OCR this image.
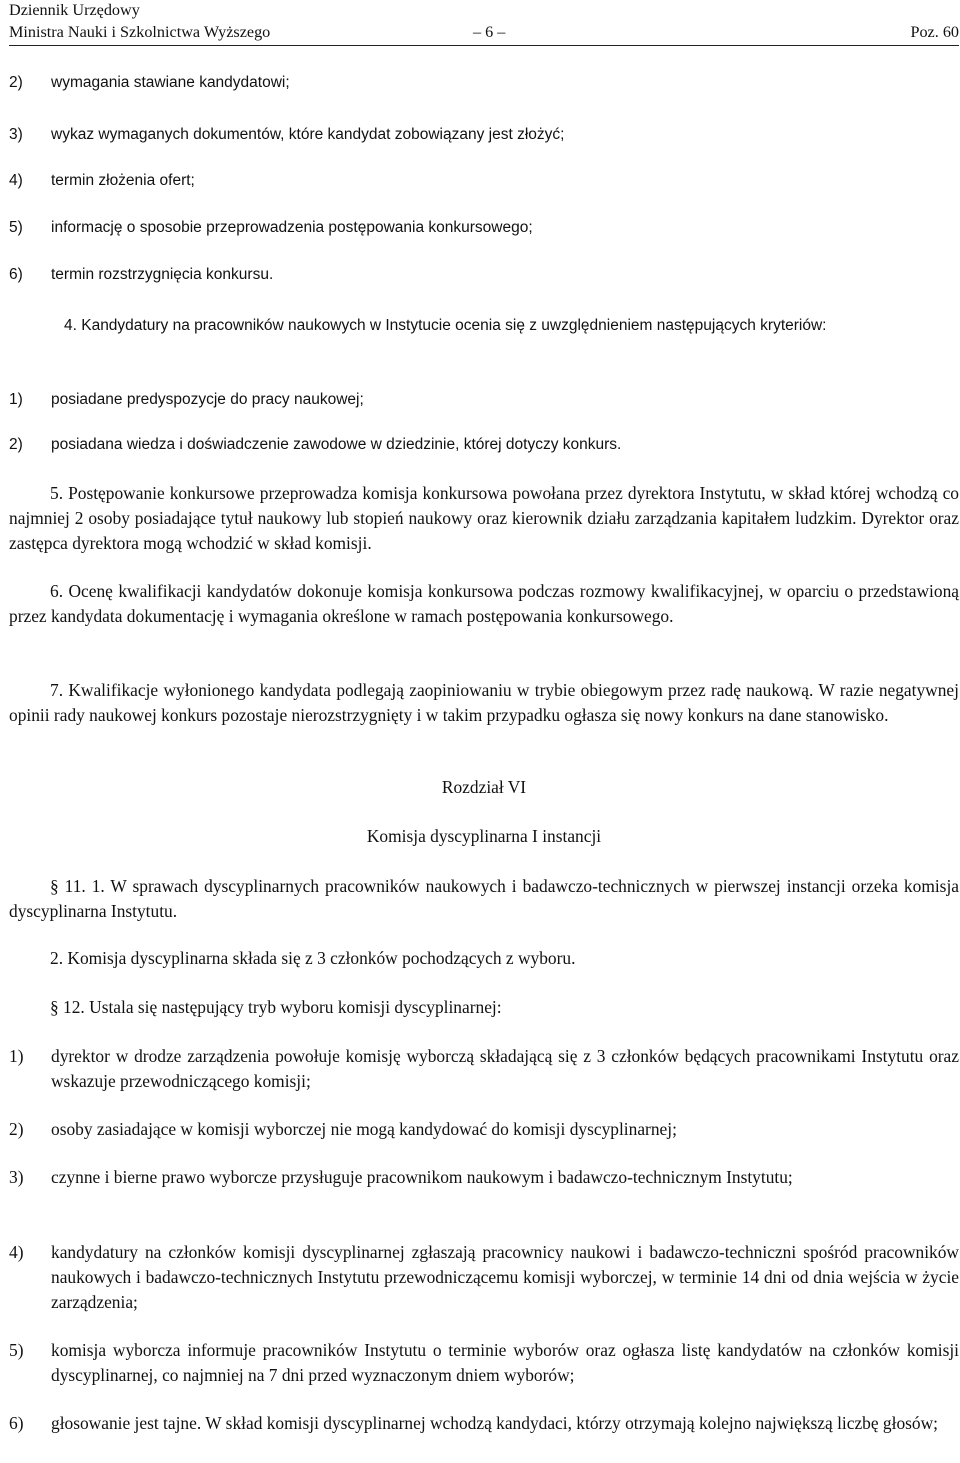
Dziennik Urzędowy
Ministra Nauki i Szkolnictwa Wyższego	– 6 –	Poz. 60
2) wymagania stawiane kandydatowi;
3) wykaz wymaganych dokumentów, które kandydat zobowiązany jest złożyć;
4) termin złożenia ofert;
5) informację o sposobie przeprowadzenia postępowania konkursowego;
6) termin rozstrzygnięcia konkursu.
4. Kandydatury na pracowników naukowych w Instytucie ocenia się z uwzględnieniem następujących kryteriów:
1) posiadane predyspozycje do pracy naukowej;
2) posiadana wiedza i doświadczenie zawodowe w dziedzinie, której dotyczy konkurs.
5. Postępowanie konkursowe przeprowadza komisja konkursowa powołana przez dyrektora Instytutu, w skład której wchodzą co najmniej 2 osoby posiadające tytuł naukowy lub stopień naukowy oraz kierownik działu zarządzania kapitałem ludzkim. Dyrektor oraz zastępca dyrektora mogą wchodzić w skład komisji.
6. Ocenę kwalifikacji kandydatów dokonuje komisja konkursowa podczas rozmowy kwalifikacyjnej, w oparciu o przedstawioną przez kandydata dokumentację i wymagania określone w ramach postępowania konkursowego.
7. Kwalifikacje wyłonionego kandydata podlegają zaopiniowaniu w trybie obiegowym przez radę naukową. W razie negatywnej opinii rady naukowej konkurs pozostaje nierozstrzygnięty i w takim przypadku ogłasza się nowy konkurs na dane stanowisko.
Rozdział VI
Komisja dyscyplinarna I instancji
§ 11. 1. W sprawach dyscyplinarnych pracowników naukowych i badawczo-technicznych w pierwszej instancji orzeka komisja dyscyplinarna Instytutu.
2. Komisja dyscyplinarna składa się z 3 członków pochodzących z wyboru.
§ 12. Ustala się następujący tryb wyboru komisji dyscyplinarnej:
1) dyrektor w drodze zarządzenia powołuje komisję wyborczą składającą się z 3 członków będących pracownikami Instytutu oraz wskazuje przewodniczącego komisji;
2) osoby zasiadające w komisji wyborczej nie mogą kandydować do komisji dyscyplinarnej;
3) czynne i bierne prawo wyborcze przysługuje pracownikom naukowym i badawczo-technicznym Instytutu;
4) kandydatury na członków komisji dyscyplinarnej zgłaszają pracownicy naukowi i badawczo-techniczni spośród pracowników naukowych i badawczo-technicznych Instytutu przewodniczącemu komisji wyborczej, w terminie 14 dni od dnia wejścia w życie zarządzenia;
5) komisja wyborcza informuje pracowników Instytutu o terminie wyborów oraz ogłasza listę kandydatów na członków komisji dyscyplinarnej, co najmniej na 7 dni przed wyznaczonym dniem wyborów;
6) głosowanie jest tajne. W skład komisji dyscyplinarnej wchodzą kandydaci, którzy otrzymają kolejno największą liczbę głosów;
